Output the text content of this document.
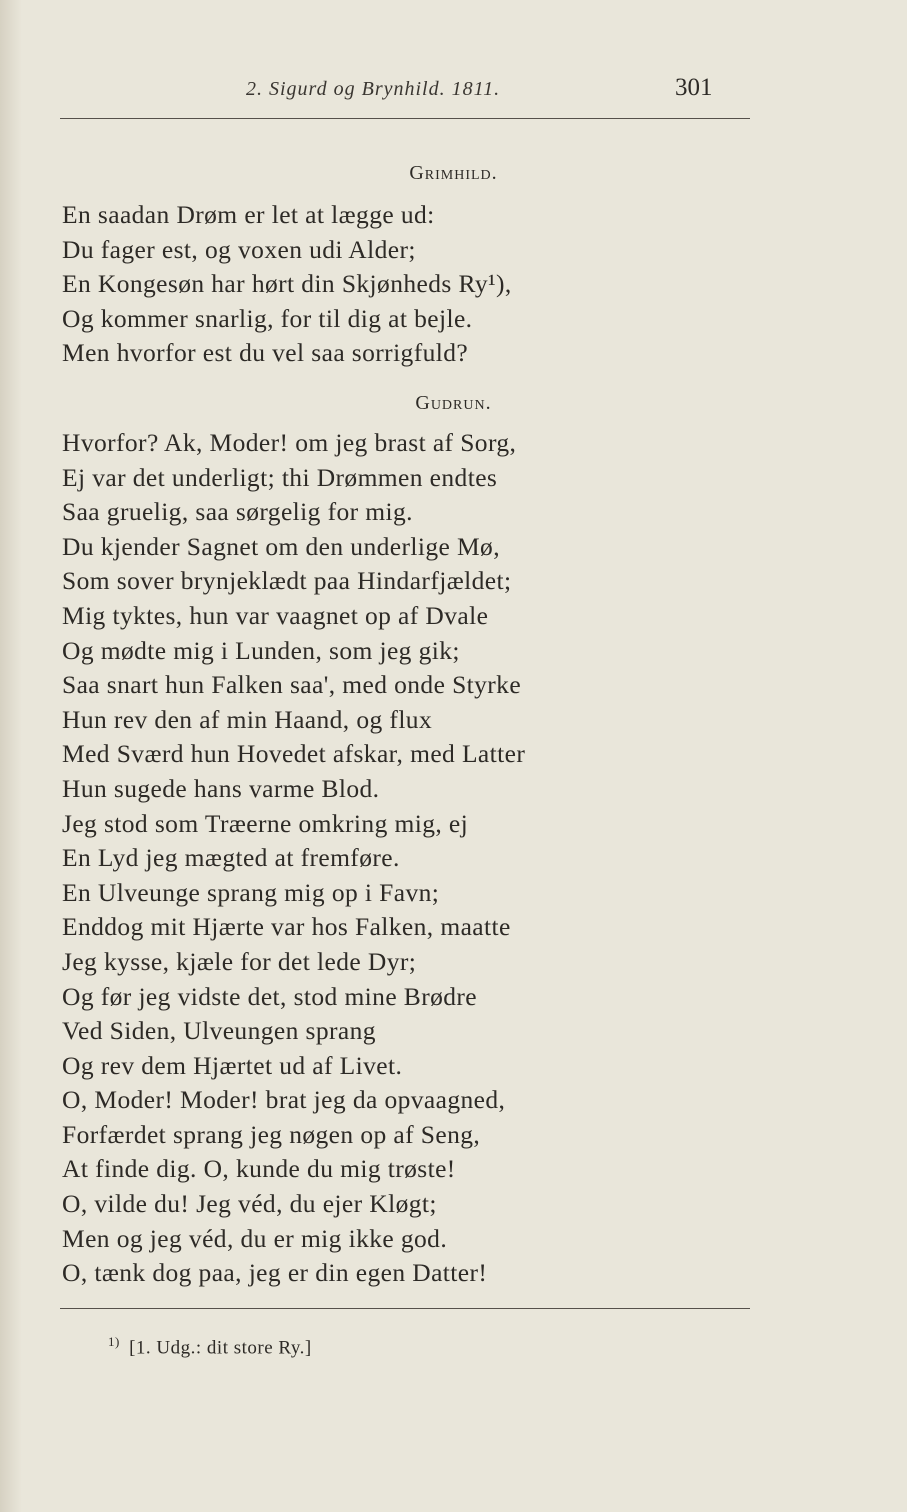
2. Sigurd og Brynhild. 1811.	301
Grimhild.
En saadan Drøm er let at lægge ud:
Du fager est, og voxen udi Alder;
En Kongesøn har hørt din Skjønheds Ry¹),
Og kommer snarlig, for til dig at bejle.
Men hvorfor est du vel saa sorrigfuld?
Gudrun.
Hvorfor? Ak, Moder! om jeg brast af Sorg,
Ej var det underligt; thi Drømmen endtes
Saa gruelig, saa sørgelig for mig.
Du kjender Sagnet om den underlige Mø,
Som sover brynjeklædt paa Hindarfjældet;
Mig tyktes, hun var vaagnet op af Dvale
Og mødte mig i Lunden, som jeg gik;
Saa snart hun Falken saa', med onde Styrke
Hun rev den af min Haand, og flux
Med Sværd hun Hovedet afskar, med Latter
Hun sugede hans varme Blod.
Jeg stod som Træerne omkring mig, ej
En Lyd jeg mægted at fremføre.
En Ulveunge sprang mig op i Favn;
Enddog mit Hjærte var hos Falken, maatte
Jeg kysse, kjæle for det lede Dyr;
Og før jeg vidste det, stod mine Brødre
Ved Siden, Ulveungen sprang
Og rev dem Hjærtet ud af Livet.
O, Moder! Moder! brat jeg da opvaagned,
Forfærdet sprang jeg nøgen op af Seng,
At finde dig. O, kunde du mig trøste!
O, vilde du! Jeg véd, du ejer Kløgt;
Men og jeg véd, du er mig ikke god.
O, tænk dog paa, jeg er din egen Datter!
$^{1)}$ [1. Udg.: dit store Ry.]
